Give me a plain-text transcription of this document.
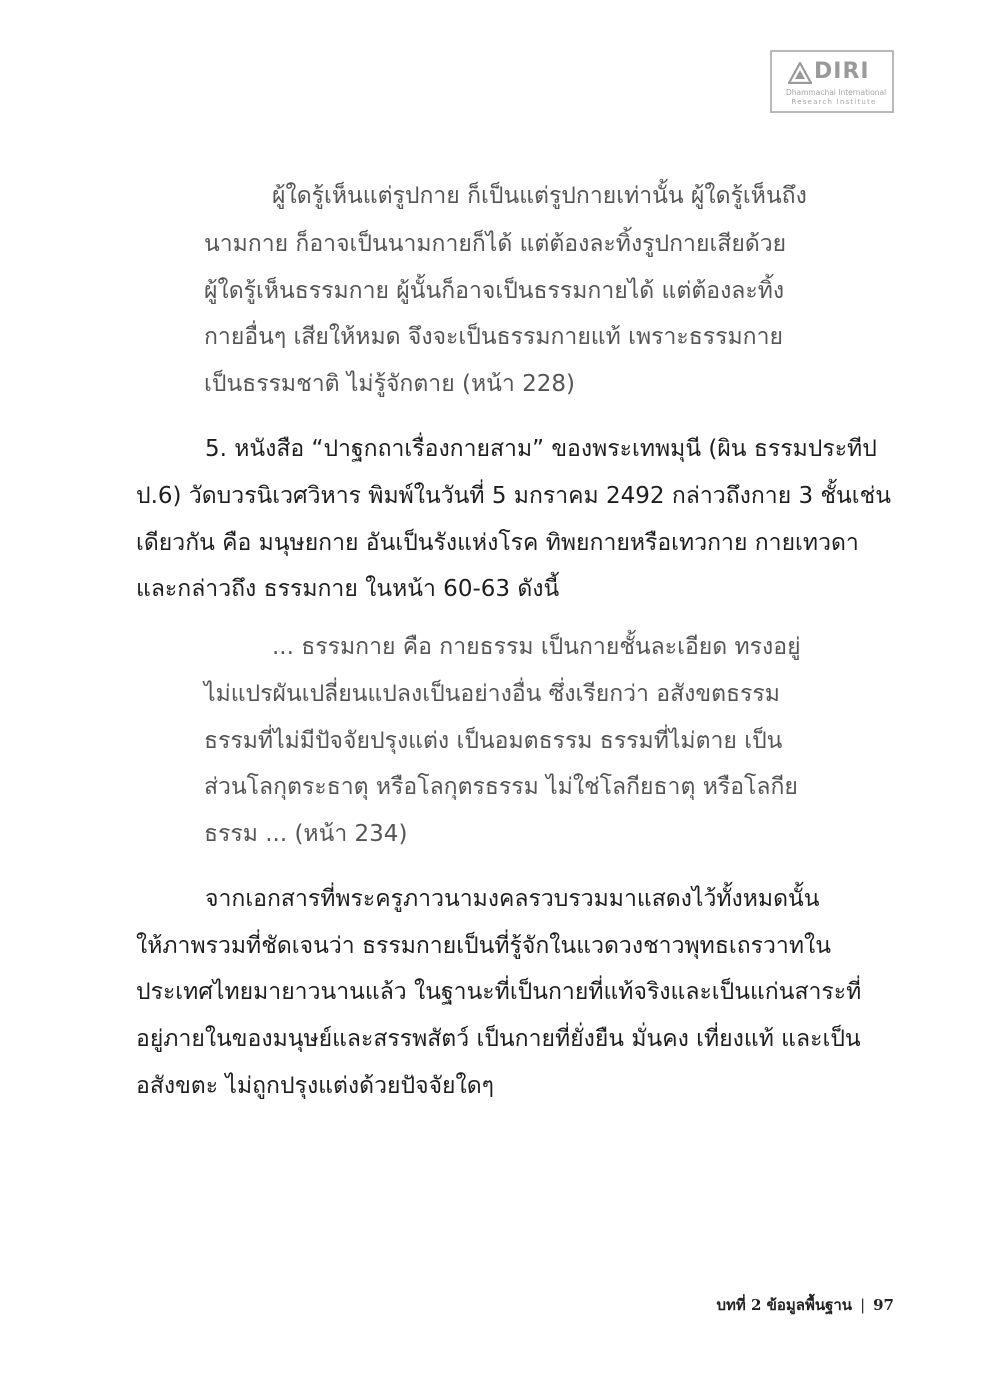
DIRI
Dhammachai International
Research Institute

ผู้ใดรู้เห็นแต่รูปกาย ก็เป็นแต่รูปกายเท่านั้น ผู้ใดรู้เห็นถึง

นามกาย ก็อาจเป็นนามกายก็ได้ แต่ต้องละทิ้งรูปกายเสียด้วย

ผู้ใดรู้เห็นธรรมกาย ผู้นั้นก็อาจเป็นธรรมกายได้ แต่ต้องละทิ้ง

กายอื่นๆ เสียให้หมด จึงจะเป็นธรรมกายแท้ เพราะธรรมกาย

เป็นธรรมชาติ ไม่รู้จักตาย (หน้า 228)

5. หนังสือ “ปาฐกถาเรื่องกายสาม” ของพระเทพมุนี (ผิน ธรรมประทีป

ป.6) วัดบวรนิเวศวิหาร พิมพ์ในวันที่ 5 มกราคม 2492 กล่าวถึงกาย 3 ชั้นเช่น

เดียวกัน คือ มนุษยกาย อันเป็นรังแห่งโรค ทิพยกายหรือเทวกาย กายเทวดา

และกล่าวถึง ธรรมกาย ในหน้า 60-63 ดังนี้

... ธรรมกาย คือ กายธรรม เป็นกายชั้นละเอียด ทรงอยู่

ไม่แปรผันเปลี่ยนแปลงเป็นอย่างอื่น ซึ่งเรียกว่า อสังขตธรรม

ธรรมที่ไม่มีปัจจัยปรุงแต่ง เป็นอมตธรรม ธรรมที่ไม่ตาย เป็น

ส่วนโลกุตระธาตุ หรือโลกุตรธรรม ไม่ใช่โลกียธาตุ หรือโลกีย

ธรรม ... (หน้า 234)

จากเอกสารที่พระครูภาวนามงคลรวบรวมมาแสดงไว้ทั้งหมดนั้น

ให้ภาพรวมที่ชัดเจนว่า ธรรมกายเป็นที่รู้จักในแวดวงชาวพุทธเถรวาทใน

ประเทศไทยมายาวนานแล้ว ในฐานะที่เป็นกายที่แท้จริงและเป็นแก่นสาระที่

อยู่ภายในของมนุษย์และสรรพสัตว์ เป็นกายที่ยั่งยืน มั่นคง เที่ยงแท้ และเป็น

อสังขตะ ไม่ถูกปรุงแต่งด้วยปัจจัยใดๆ

บทที่ 2 ข้อมูลพื้นฐาน | 97
